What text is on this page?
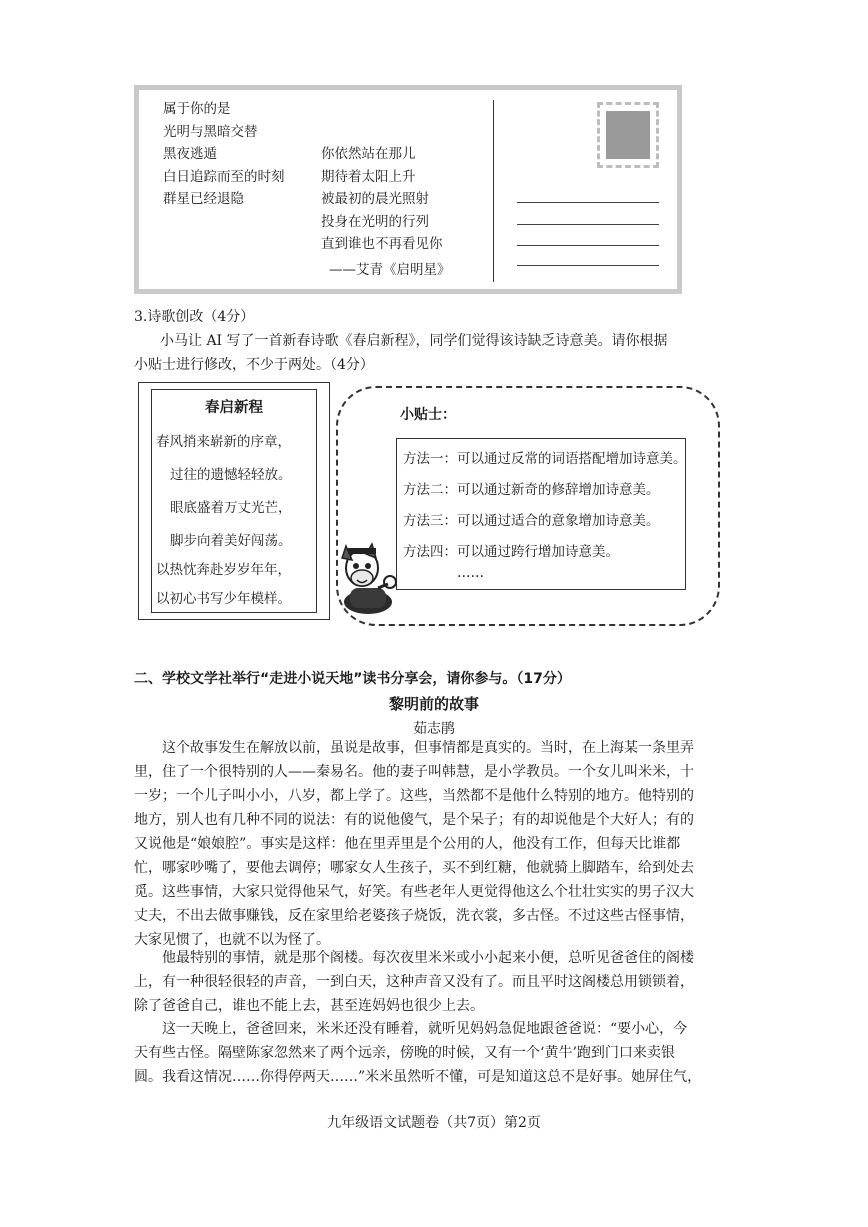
属于你的是
光明与黑暗交替
黑夜逃遁
白日追踪而至的时刻
群星已经退隐
你依然站在那儿
期待着太阳上升
被最初的晨光照射
投身在光明的行列
直到谁也不再看见你
——艾青《启明星》
3.诗歌创改（4分）
小马让 AI 写了一首新春诗歌《春启新程》，同学们觉得该诗缺乏诗意美。请你根据
小贴士进行修改，不少于两处。（4分）
春启新程
春风捎来崭新的序章，
过往的遗憾轻轻放。
眼底盛着万丈光芒，
脚步向着美好闯荡。
以热忱奔赴岁岁年年，
以初心书写少年模样。
小贴士：
方法一：可以通过反常的词语搭配增加诗意美。
方法二：可以通过新奇的修辞增加诗意美。
方法三：可以通过适合的意象增加诗意美。
方法四：可以通过跨行增加诗意美。
……
二、学校文学社举行“走进小说天地”读书分享会，请你参与。（17分）
黎明前的故事
茹志鹃
这个故事发生在解放以前，虽说是故事，但事情都是真实的。当时，在上海某一条里弄
里，住了一个很特别的人——秦易名。他的妻子叫韩慧，是小学教员。一个女儿叫米米，十
一岁；一个儿子叫小小，八岁，都上学了。这些，当然都不是他什么特别的地方。他特别的
地方，别人也有几种不同的说法：有的说他傻气，是个呆子；有的却说他是个大好人；有的
又说他是“娘娘腔”。事实是这样：他在里弄里是个公用的人，他没有工作，但每天比谁都
忙，哪家吵嘴了，要他去调停；哪家女人生孩子，买不到红糖，他就骑上脚踏车，给到处去
觅。这些事情，大家只觉得他呆气，好笑。有些老年人更觉得他这么个壮壮实实的男子汉大
丈夫，不出去做事赚钱，反在家里给老婆孩子烧饭，洗衣裳，多古怪。不过这些古怪事情，
大家见惯了，也就不以为怪了。
他最特别的事情，就是那个阁楼。每次夜里米米或小小起来小便，总听见爸爸住的阁楼
上，有一种很轻很轻的声音，一到白天，这种声音又没有了。而且平时这阁楼总用锁锁着，
除了爸爸自己，谁也不能上去，甚至连妈妈也很少上去。
这一天晚上，爸爸回来，米米还没有睡着，就听见妈妈急促地跟爸爸说：“要小心，今
天有些古怪。隔壁陈家忽然来了两个远亲，傍晚的时候，又有一个‘黄牛’跑到门口来卖银
圆。我看这情况……你得停两天……”米米虽然听不懂，可是知道这总不是好事。她屏住气，
九年级语文试题卷（共7页）第2页
